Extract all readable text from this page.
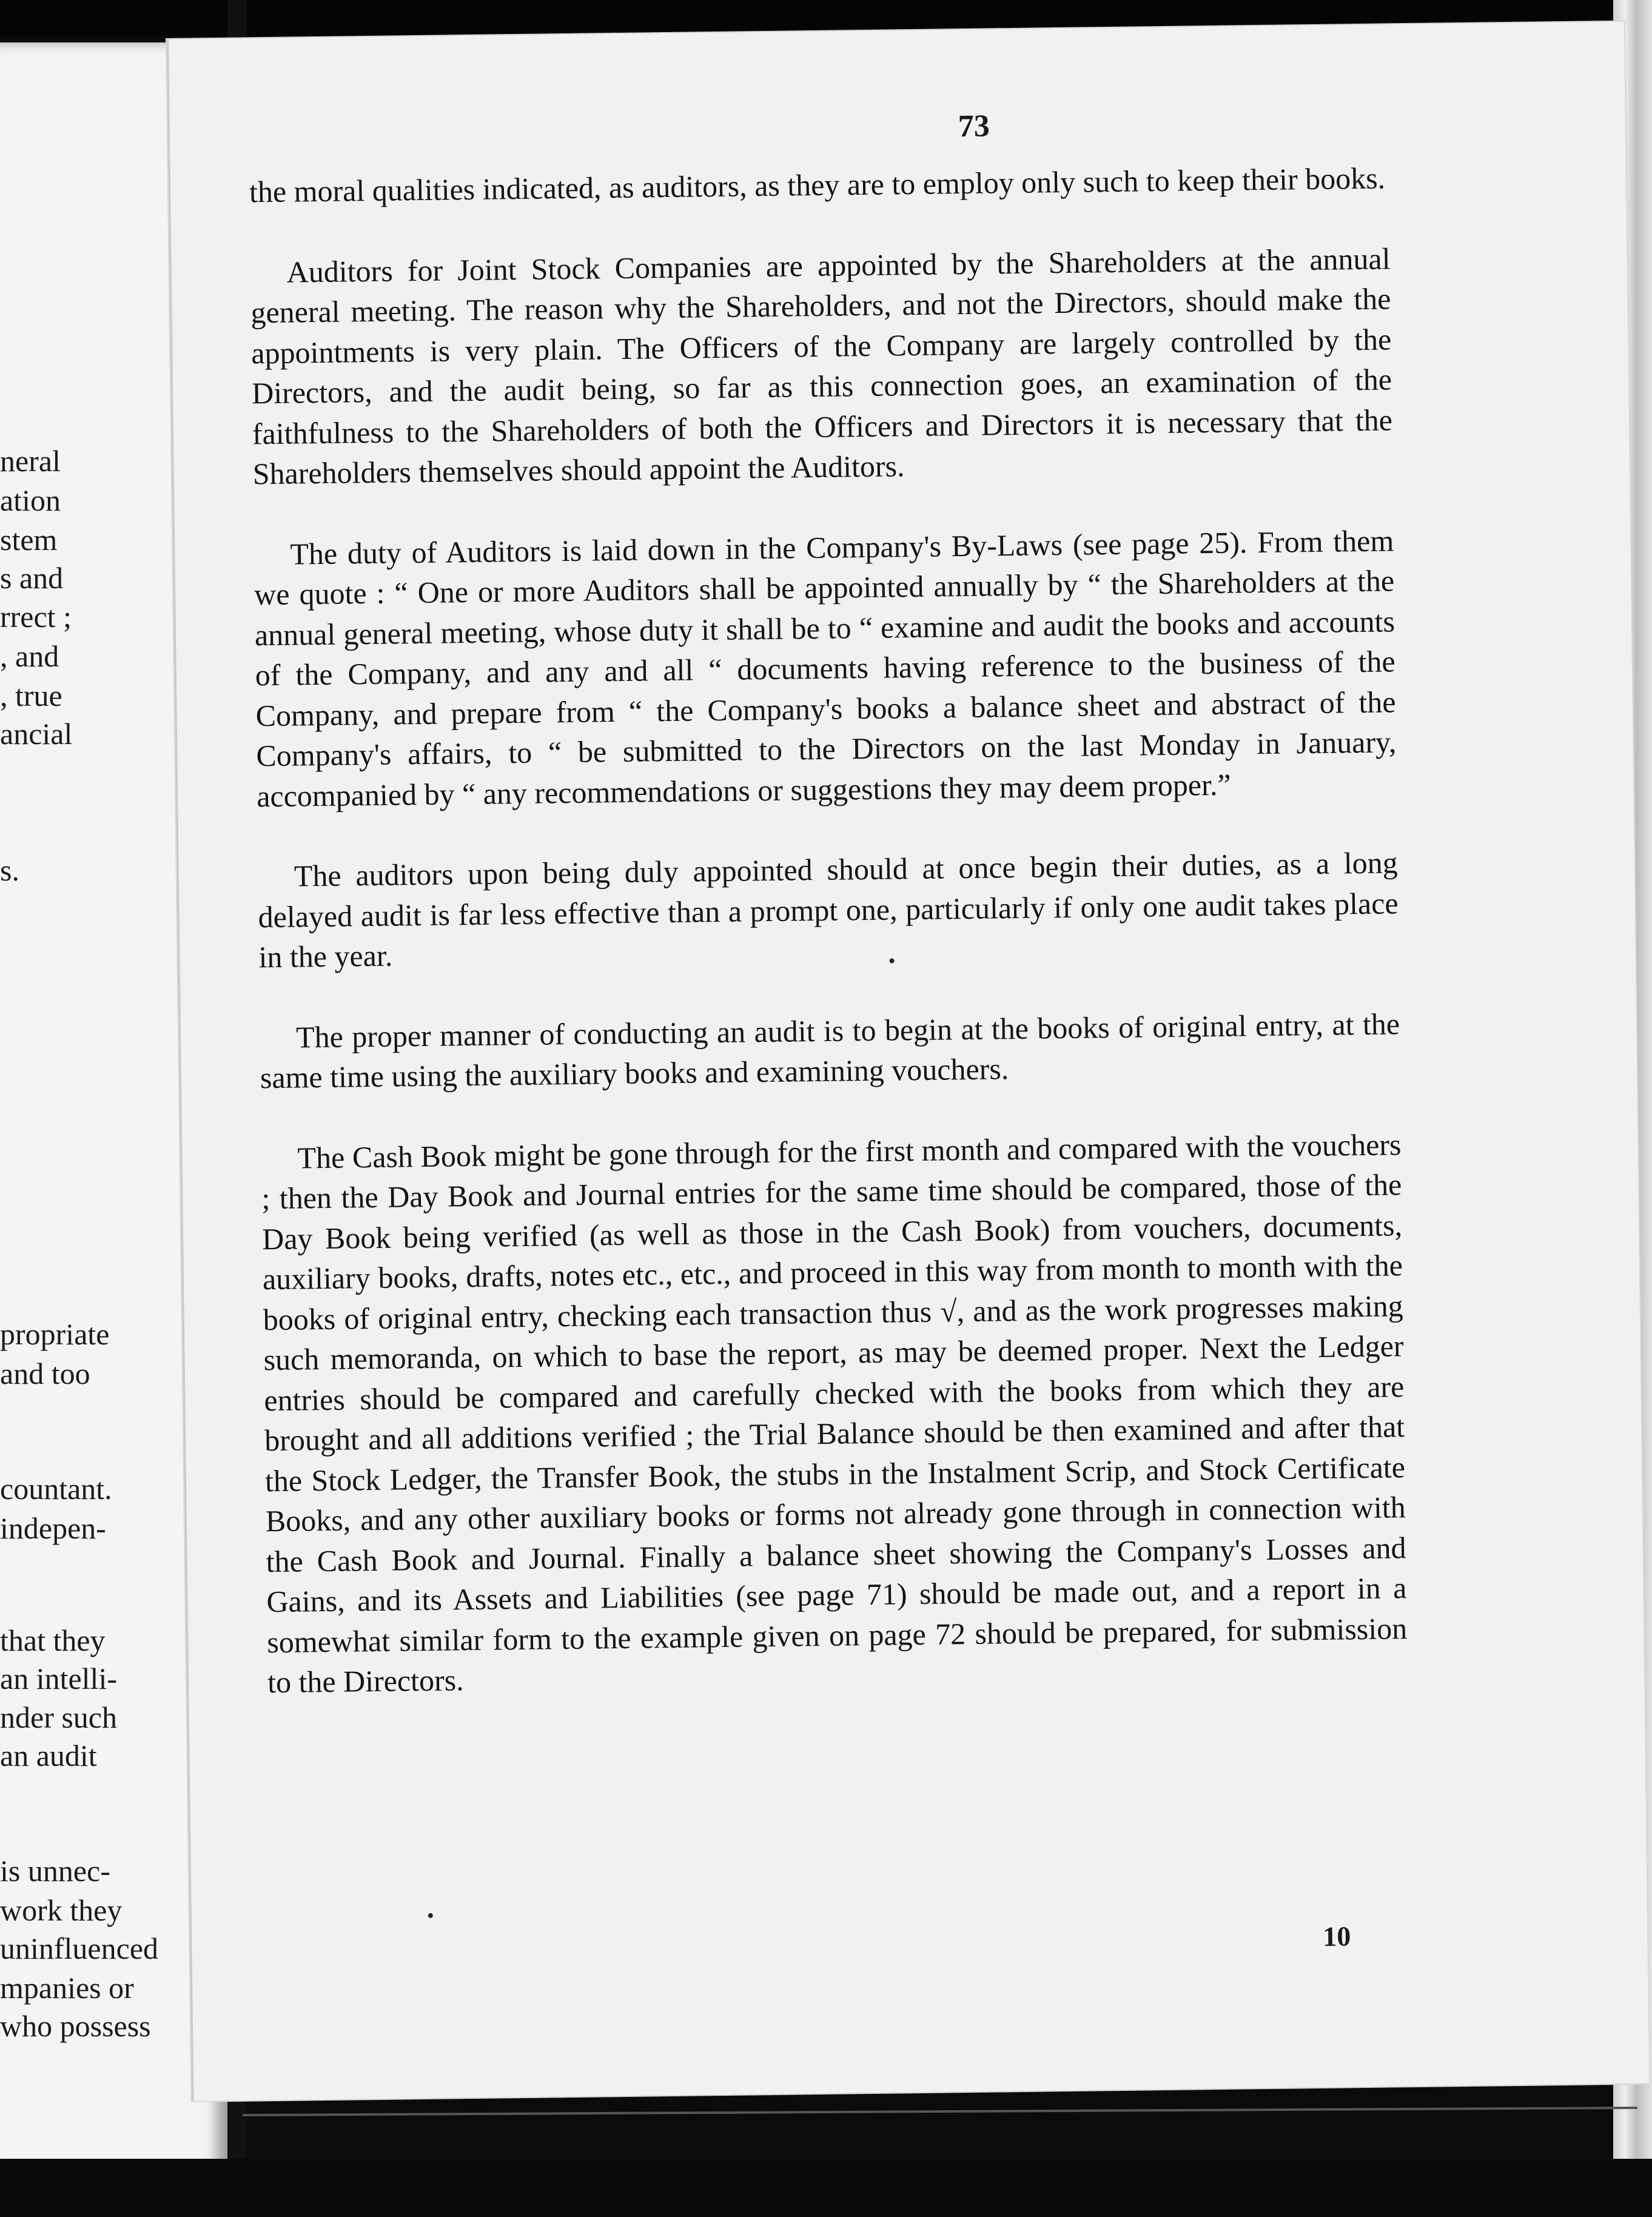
neral
ation
stem
s and
rrect ;
, and
, true
ancial
s.
propriate
and too
countant.
indepen-
that they
an intelli-
nder such
an audit
is unnec-
work they
uninfluenced
mpanies or
who possess
73

the moral qualities indicated, as auditors, as they are to employ only such to keep their books.

Auditors for Joint Stock Companies are appointed by the Shareholders at the annual general meeting. The reason why the Shareholders, and not the Directors, should make the appointments is very plain. The Officers of the Company are largely controlled by the Directors, and the audit being, so far as this connection goes, an examination of the faithfulness to the Shareholders of both the Officers and Directors it is necessary that the Shareholders themselves should appoint the Auditors.

The duty of Auditors is laid down in the Company's By-Laws (see page 25). From them we quote : “ One or more Auditors shall be appointed annually by “ the Shareholders at the annual general meeting, whose duty it shall be to “ examine and audit the books and accounts of the Company, and any and all “ documents having reference to the business of the Company, and prepare from “ the Company's books a balance sheet and abstract of the Company's affairs, to “ be submitted to the Directors on the last Monday in January, accompanied by “ any recommendations or suggestions they may deem proper.”

The auditors upon being duly appointed should at once begin their duties, as a long delayed audit is far less effective than a prompt one, particularly if only one audit takes place in the year.

The proper manner of conducting an audit is to begin at the books of original entry, at the same time using the auxiliary books and examining vouchers.

The Cash Book might be gone through for the first month and compared with the vouchers ; then the Day Book and Journal entries for the same time should be compared, those of the Day Book being verified (as well as those in the Cash Book) from vouchers, documents, auxiliary books, drafts, notes etc., etc., and proceed in this way from month to month with the books of original entry, checking each transaction thus √, and as the work progresses making such memoranda, on which to base the report, as may be deemed proper. Next the Ledger entries should be compared and carefully checked with the books from which they are brought and all additions verified ; the Trial Balance should be then examined and after that the Stock Ledger, the Transfer Book, the stubs in the Instalment Scrip, and Stock Certificate Books, and any other auxiliary books or forms not already gone through in connection with the Cash Book and Journal. Finally a balance sheet showing the Company's Losses and Gains, and its Assets and Liabilities (see page 71) should be made out, and a report in a somewhat similar form to the example given on page 72 should be prepared, for submission to the Directors.

10
